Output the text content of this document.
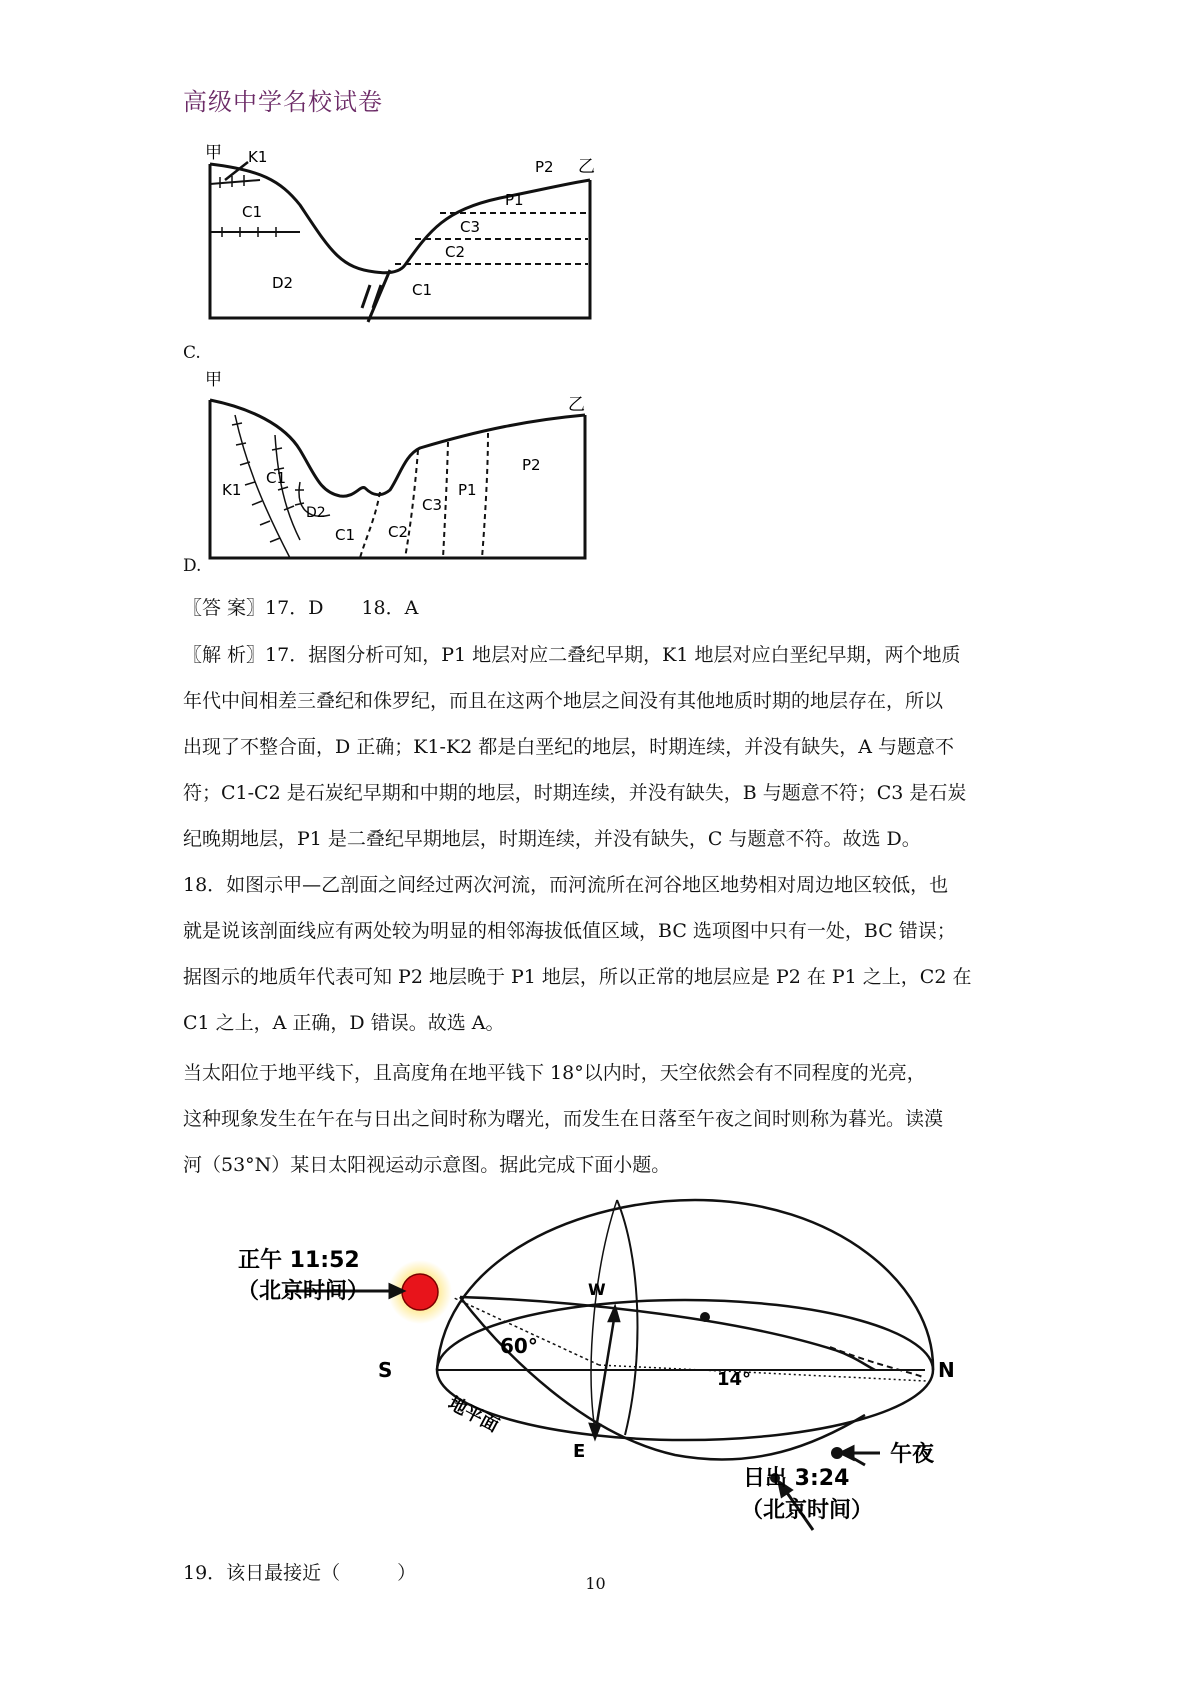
高级中学名校试卷
甲 K1
C1
D2
P2 乙
P1
C3
C2
C1
C.
甲
乙
K1
C1
D2
C1 C2
C3
P1
P2
D.
〖答 案〗17．D　　18．A
〖解 析〗17．据图分析可知，P1 地层对应二叠纪早期，K1 地层对应白垩纪早期，两个地质
年代中间相差三叠纪和侏罗纪，而且在这两个地层之间没有其他地质时期的地层存在，所以
出现了不整合面，D 正确；K1-K2 都是白垩纪的地层，时期连续，并没有缺失，A 与题意不
符；C1-C2 是石炭纪早期和中期的地层，时期连续，并没有缺失，B 与题意不符；C3 是石炭
纪晚期地层，P1 是二叠纪早期地层，时期连续，并没有缺失，C 与题意不符。故选 D。
18．如图示甲—乙剖面之间经过两次河流，而河流所在河谷地区地势相对周边地区较低，也
就是说该剖面线应有两处较为明显的相邻海拔低值区域，BC 选项图中只有一处，BC 错误；
据图示的地质年代表可知 P2 地层晚于 P1 地层，所以正常的地层应是 P2 在 P1 之上，C2 在
C1 之上，A 正确，D 错误。故选 A。
当太阳位于地平线下，且高度角在地平钱下 18°以内时，天空依然会有不同程度的光亮，
这种现象发生在午在与日出之间时称为曙光，而发生在日落至午夜之间时则称为暮光。读漠
河（53°N）某日太阳视运动示意图。据此完成下面小题。
正午 11:52
（北京时间）
60°
14°
S	N
W
E
地平面
午夜
日出 3:24
（北京时间）
19．该日最接近（　　　）	10
